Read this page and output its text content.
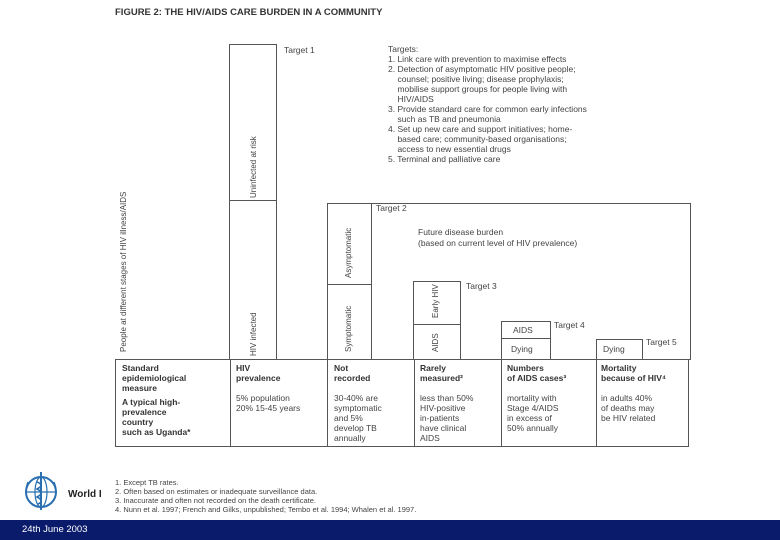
FIGURE 2: THE HIV/AIDS CARE BURDEN IN A COMMUNITY
People at different stages of HIV illness/AIDS
Target 1
Uninfected at risk
HIV infected
Targets:
1. Link care with prevention to maximise effects
2. Detection of asymptomatic HIV positive people;
counsel; positive living; disease prophylaxis;
mobilise support groups for people living with
HIV/AIDS
3. Provide standard care for common early infections
such as TB and pneumonia
4. Set up new care and support initiatives; home-
based care; community-based organisations;
access to new essential drugs
5. Terminal and palliative care
Target 2
Asymptomatic
Symptomatic
Future disease burden
(based on current level of HIV prevalence)
Target 3
Early HIV
AIDS
AIDS
Dying
Target 4
Dying
Target 5
Standard
epidemiological
measure
A typical high-
prevalence
country
such as Uganda*
HIV
prevalence
5% population
20% 15-45 years
Not
recorded
30-40% are
symptomatic
and 5%
develop TB
annually
Rarely
measured²
less than 50%
HIV-positive
in-patients
have clinical
AIDS
Numbers
of AIDS cases³
mortality with
Stage 4/AIDS
in excess of
50% annually
Mortality
because of HIV⁴
in adults 40%
of deaths may
be HIV related
1. Except TB rates.
2. Often based on estimates or inadequate surveillance data.
3. Inaccurate and often not recorded on the death certificate.
4. Nunn et al. 1997; French and Gilks, unpublished; Tembo et al. 1994; Whalen et al. 1997.
World I
24th June 2003
